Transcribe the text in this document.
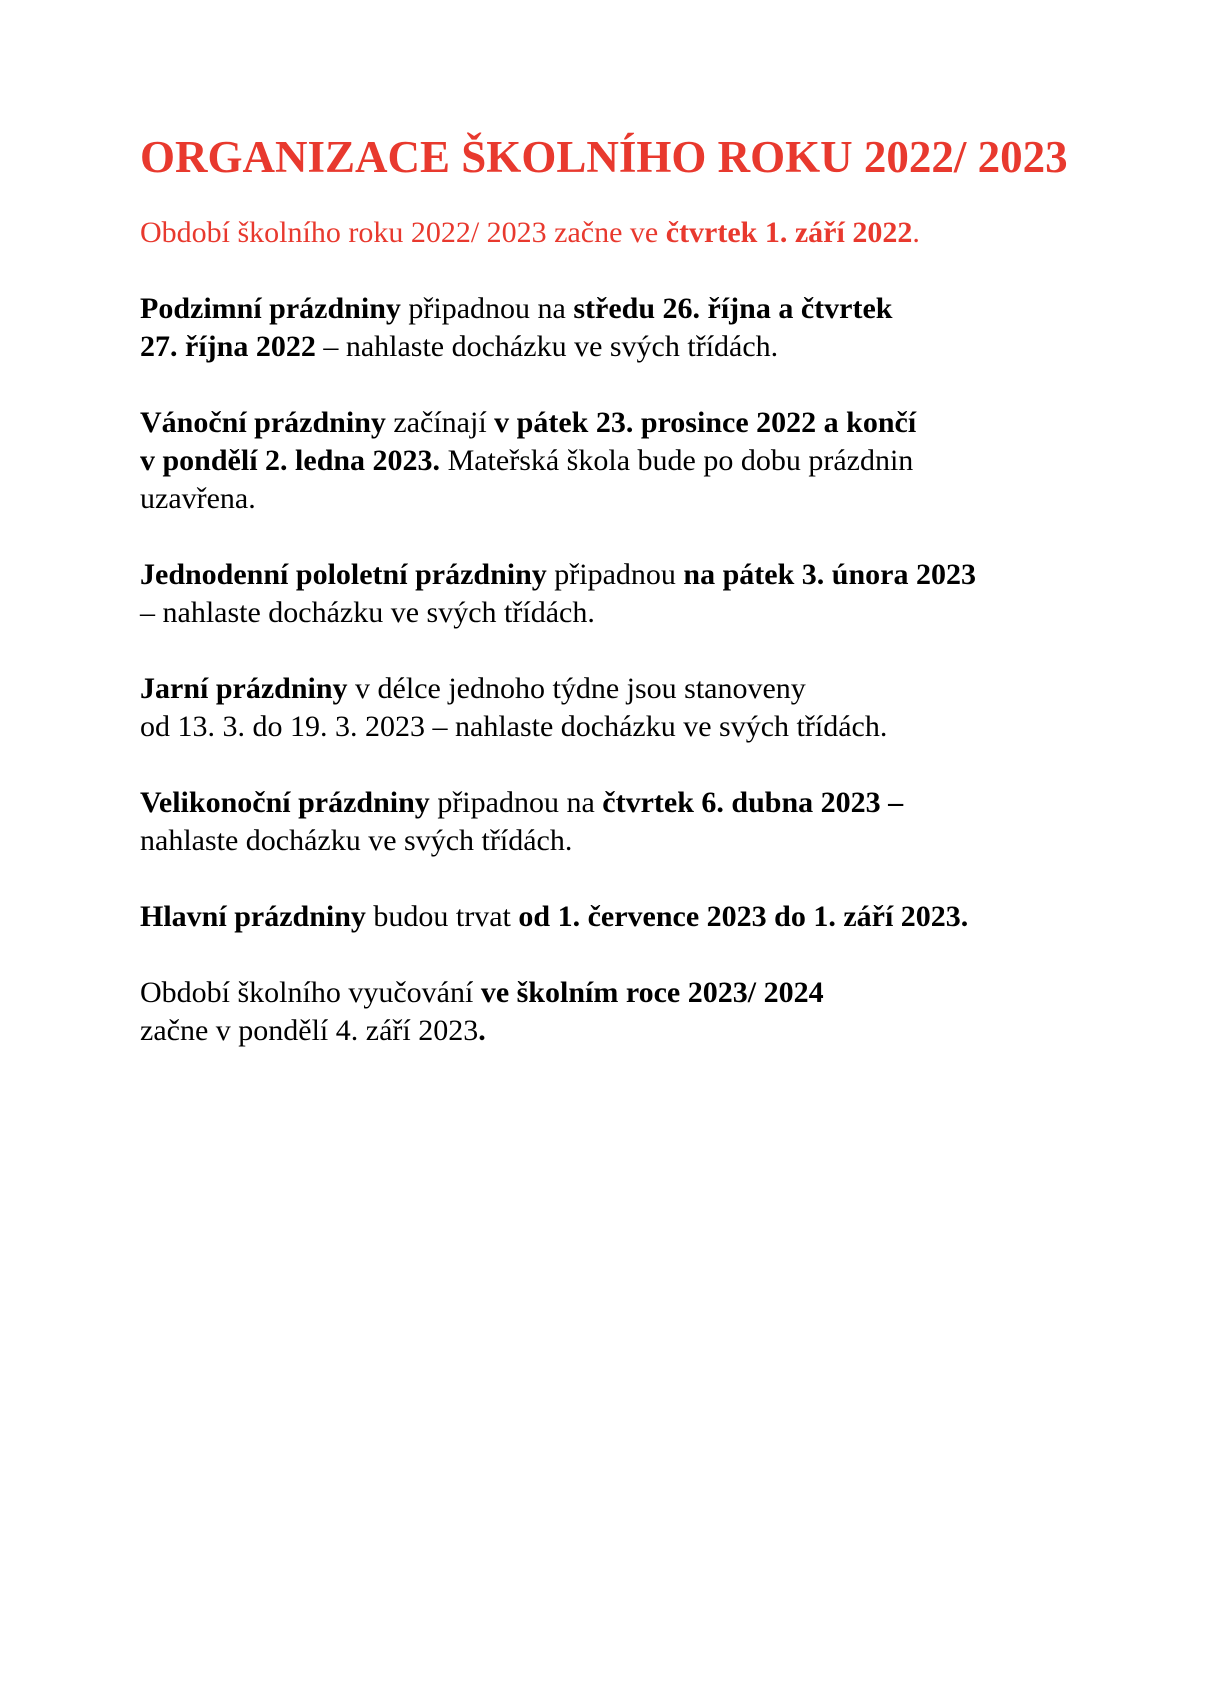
ORGANIZACE ŠKOLNÍHO ROKU 2022/ 2023

Období školního roku 2022/ 2023 začne ve čtvrtek 1. září 2022.

Podzimní prázdniny připadnou na středu 26. října a čtvrtek
27. října 2022 – nahlaste docházku ve svých třídách.

Vánoční prázdniny začínají v pátek 23. prosince 2022 a končí
v pondělí 2. ledna 2023. Mateřská škola bude po dobu prázdnin
uzavřena.

Jednodenní pololetní prázdniny připadnou na pátek 3. února 2023
– nahlaste docházku ve svých třídách.

Jarní prázdniny v délce jednoho týdne jsou stanoveny
od 13. 3. do 19. 3. 2023 – nahlaste docházku ve svých třídách.

Velikonoční prázdniny připadnou na čtvrtek 6. dubna 2023 –
nahlaste docházku ve svých třídách.

Hlavní prázdniny budou trvat od 1. července 2023 do 1. září 2023.

Období školního vyučování ve školním roce 2023/ 2024
začne v pondělí 4. září 2023.
